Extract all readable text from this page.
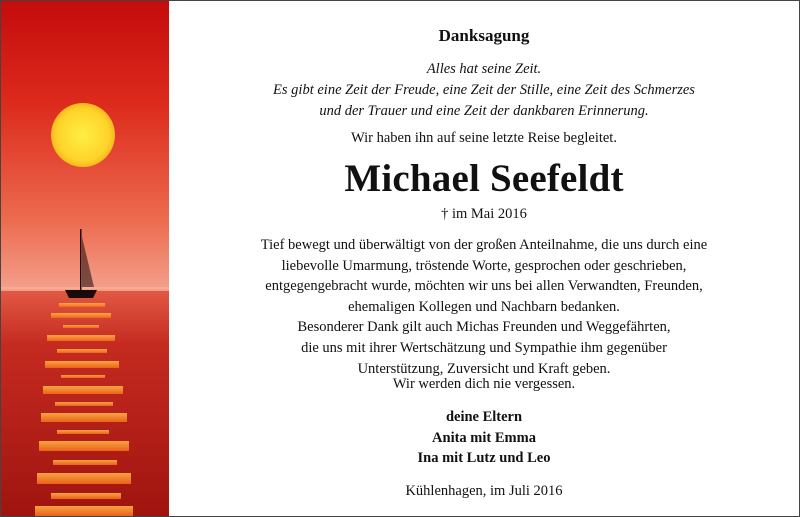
Danksagung
Alles hat seine Zeit.
Es gibt eine Zeit der Freude, eine Zeit der Stille, eine Zeit des Schmerzes
und der Trauer und eine Zeit der dankbaren Erinnerung.
Wir haben ihn auf seine letzte Reise begleitet.
Michael Seefeldt
† im Mai 2016
Tief bewegt und überwältigt von der großen Anteilnahme, die uns durch eine
liebevolle Umarmung, tröstende Worte, gesprochen oder geschrieben,
entgegengebracht wurde, möchten wir uns bei allen Verwandten, Freunden,
ehemaligen Kollegen und Nachbarn bedanken.
Besonderer Dank gilt auch Michas Freunden und Weggefährten,
die uns mit ihrer Wertschätzung und Sympathie ihm gegenüber
Unterstützung, Zuversicht und Kraft geben.
Wir werden dich nie vergessen.
deine Eltern
Anita mit Emma
Ina mit Lutz und Leo
Kühlenhagen, im Juli 2016
